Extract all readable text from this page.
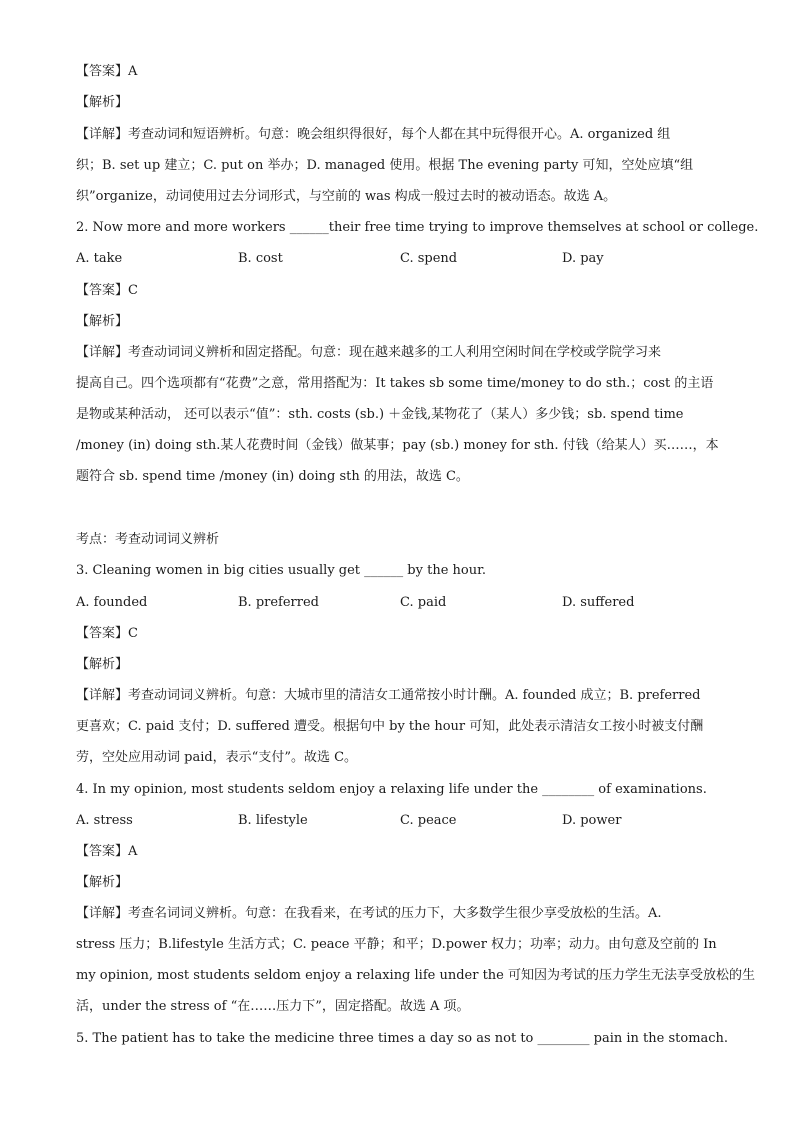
【答案】A
【解析】
【详解】考查动词和短语辨析。句意：晚会组织得很好，每个人都在其中玩得很开心。A. organized 组
织；B. set up 建立；C. put on 举办；D. managed 使用。根据 The evening party 可知，空处应填“组
织”organize，动词使用过去分词形式，与空前的 was 构成一般过去时的被动语态。故选 A。
2. Now more and more workers ______their free time trying to improve themselves at school or college.
A. take	B. cost	C. spend	D. pay
【答案】C
【解析】
【详解】考查动词词义辨析和固定搭配。句意：现在越来越多的工人利用空闲时间在学校或学院学习来
提高自己。四个选项都有“花费”之意，常用搭配为：It takes sb some time/money to do sth.；cost 的主语
是物或某种活动， 还可以表示“值”：sth. costs (sb.) ＋金钱,某物花了（某人）多少钱；sb. spend time
/money (in) doing sth.某人花费时间（金钱）做某事；pay (sb.) money for sth. 付钱（给某人）买……，本
题符合 sb. spend time /money (in) doing sth 的用法，故选 C。
考点：考查动词词义辨析
3. Cleaning women in big cities usually get ______ by the hour.
A. founded	B. preferred	C. paid	D. suffered
【答案】C
【解析】
【详解】考查动词词义辨析。句意：大城市里的清洁女工通常按小时计酬。A. founded 成立；B. preferred
更喜欢；C. paid 支付；D. suffered 遭受。根据句中 by the hour 可知，此处表示清洁女工按小时被支付酬
劳，空处应用动词 paid，表示“支付”。故选 C。
4. In my opinion, most students seldom enjoy a relaxing life under the ________ of examinations.
A. stress	B. lifestyle	C. peace	D. power
【答案】A
【解析】
【详解】考查名词词义辨析。句意：在我看来，在考试的压力下，大多数学生很少享受放松的生活。A.
stress 压力；B.lifestyle 生活方式；C. peace 平静；和平；D.power 权力；功率；动力。由句意及空前的 In
my opinion, most students seldom enjoy a relaxing life under the 可知因为考试的压力学生无法享受放松的生
活，under the stress of “在……压力下”，固定搭配。故选 A 项。
5. The patient has to take the medicine three times a day so as not to ________ pain in the stomach.
